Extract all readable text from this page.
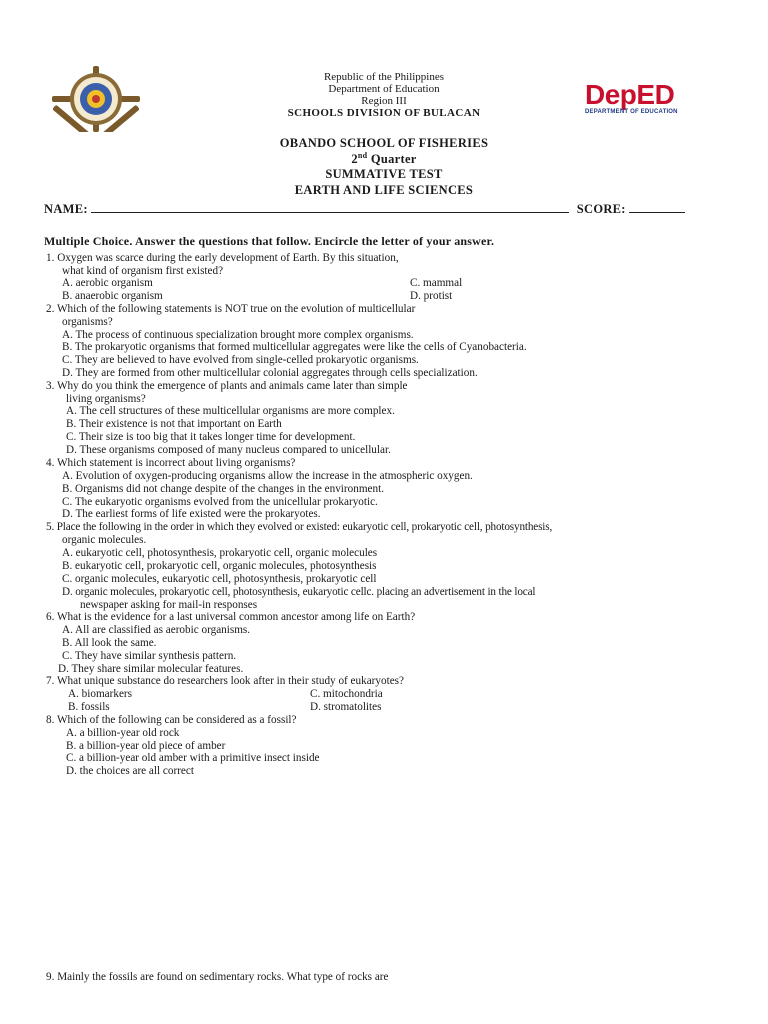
DepED
DEPARTMENT OF EDUCATION
Republic of the Philippines
Department of Education
Region III
SCHOOLS DIVISION OF BULACAN
OBANDO SCHOOL OF FISHERIES
2nd Quarter
SUMMATIVE TEST
EARTH AND LIFE SCIENCES
NAME:	SCORE:
Multiple Choice. Answer the questions that follow. Encircle the letter of your answer.
1. Oxygen was scarce during the early development of Earth. By this situation,
what kind of organism first existed?
A. aerobic organism	C. mammal
B. anaerobic organism	D. protist
2. Which of the following statements is NOT true on the evolution of multicellular
organisms?
A. The process of continuous specialization brought more complex organisms.
B. The prokaryotic organisms that formed multicellular aggregates were like the cells of Cyanobacteria.
C. They are believed to have evolved from single-celled prokaryotic organisms.
D. They are formed from other multicellular colonial aggregates through cells specialization.
3. Why do you think the emergence of plants and animals came later than simple
living organisms?
A. The cell structures of these multicellular organisms are more complex.
B. Their existence is not that important on Earth
C. Their size is too big that it takes longer time for development.
D. These organisms composed of many nucleus compared to unicellular.
4. Which statement is incorrect about living organisms?
A. Evolution of oxygen-producing organisms allow the increase in the atmospheric oxygen.
B. Organisms did not change despite of the changes in the environment.
C. The eukaryotic organisms evolved from the unicellular prokaryotic.
D. The earliest forms of life existed were the prokaryotes.
5. Place the following in the order in which they evolved or existed: eukaryotic cell, prokaryotic cell, photosynthesis,
organic molecules.
A. eukaryotic cell, photosynthesis, prokaryotic cell, organic molecules
B. eukaryotic cell, prokaryotic cell, organic molecules, photosynthesis
C. organic molecules, eukaryotic cell, photosynthesis, prokaryotic cell
D. organic molecules, prokaryotic cell, photosynthesis, eukaryotic cellc. placing an advertisement in the local
newspaper asking for mail-in responses
6. What is the evidence for a last universal common ancestor among life on Earth?
A. All are classified as aerobic organisms.
B. All look the same.
C. They have similar synthesis pattern.
D. They share similar molecular features.
7. What unique substance do researchers look after in their study of eukaryotes?
A. biomarkers	C. mitochondria
B. fossils	D. stromatolites
8. Which of the following can be considered as a fossil?
A. a billion-year old rock
B. a billion-year old piece of amber
C. a billion-year old amber with a primitive insect inside
D. the choices are all correct
9. Mainly the fossils are found on sedimentary rocks. What type of rocks are
